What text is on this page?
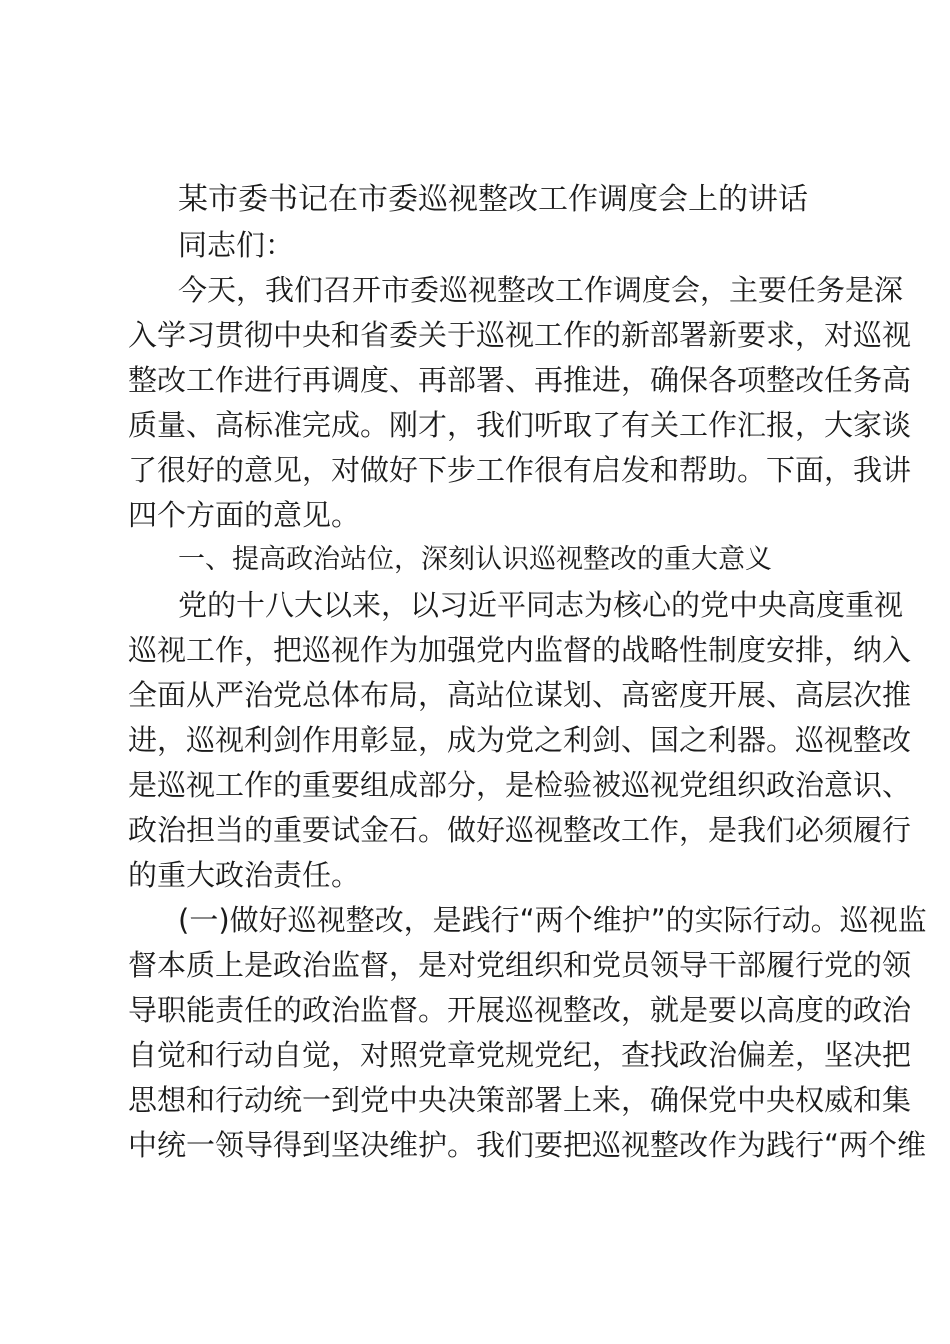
某市委书记在市委巡视整改工作调度会上的讲话
同志们：
今天，我们召开市委巡视整改工作调度会，主要任务是深
入学习贯彻中央和省委关于巡视工作的新部署新要求，对巡视
整改工作进行再调度、再部署、再推进，确保各项整改任务高
质量、高标准完成。刚才，我们听取了有关工作汇报，大家谈
了很好的意见，对做好下步工作很有启发和帮助。下面，我讲
四个方面的意见。
一、提高政治站位，深刻认识巡视整改的重大意义
党的十八大以来，以习近平同志为核心的党中央高度重视
巡视工作，把巡视作为加强党内监督的战略性制度安排，纳入
全面从严治党总体布局，高站位谋划、高密度开展、高层次推
进，巡视利剑作用彰显，成为党之利剑、国之利器。巡视整改
是巡视工作的重要组成部分，是检验被巡视党组织政治意识、
政治担当的重要试金石。做好巡视整改工作，是我们必须履行
的重大政治责任。
(一)做好巡视整改，是践行“两个维护”的实际行动。巡视监
督本质上是政治监督，是对党组织和党员领导干部履行党的领
导职能责任的政治监督。开展巡视整改，就是要以高度的政治
自觉和行动自觉，对照党章党规党纪，查找政治偏差，坚决把
思想和行动统一到党中央决策部署上来，确保党中央权威和集
中统一领导得到坚决维护。我们要把巡视整改作为践行“两个维
